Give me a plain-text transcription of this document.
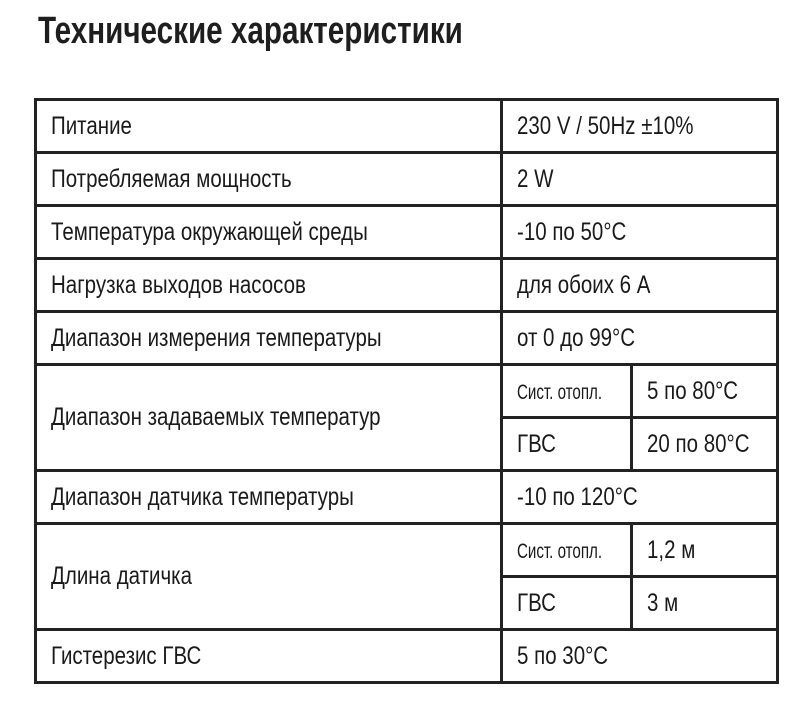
Технические характеристики
Питание	230 V / 50Hz ±10%	
Потребляемая мощность	2 W	
Температура окружающей среды	-10 по 50°C	
Нагрузка выходов насосов	для обоих 6 A	
Диапазон измерения температуры	от 0 до 99°C	
Диапазон задаваемых температур	Сист. отопл.	5 по 80°C
	ГВС	20 по 80°C
Диапазон датчика температуры	-10 по 120°C	
Длина датичка	Сист. отопл.	1,2 м
	ГВС	3 м
Гистерезис ГВС	5 по 30°C	
